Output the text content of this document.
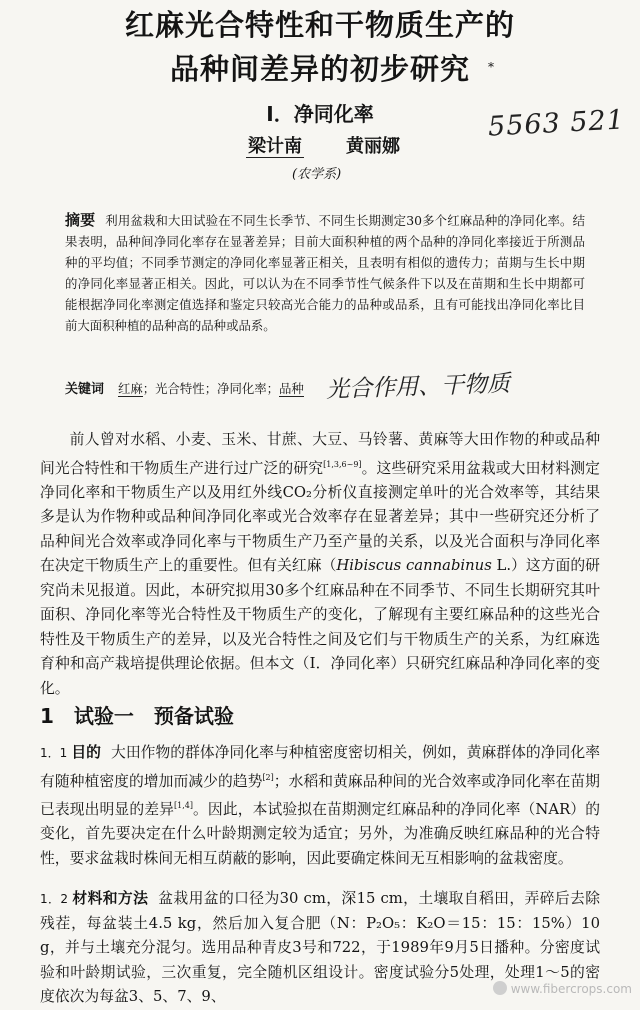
红麻光合特性和干物质生产的
品种间差异的初步研究	*
I．净同化率
梁计南 黄丽娜
(农学系)
5563 521
摘要 利用盆栽和大田试验在不同生长季节、不同生长期测定30多个红麻品种的净同化率。结果表明，品种间净同化率存在显著差异；目前大面积种植的两个品种的净同化率接近于所测品种的平均值；不同季节测定的净同化率显著正相关，且表明有相似的遗传力；苗期与生长中期的净同化率显著正相关。因此，可以认为在不同季节性气候条件下以及在苗期和生长中期都可能根据净同化率测定值选择和鉴定只较高光合能力的品种或品系，且有可能找出净同化率比目前大面积种植的品种高的品种或品系。
关键词 红麻；光合特性；净同化率；品种 光合作用、干物质
前人曾对水稻、小麦、玉米、甘蔗、大豆、马铃薯、黄麻等大田作物的种或品种间光合特性和干物质生产进行过广泛的研究[1,3,6~9]。这些研究采用盆栽或大田材料测定净同化率和干物质生产以及用红外线CO₂分析仪直接测定单叶的光合效率等，其结果多是认为作物种或品种间净同化率或光合效率存在显著差异；其中一些研究还分析了品种间光合效率或净同化率与干物质生产乃至产量的关系，以及光合面积与净同化率在决定干物质生产上的重要性。但有关红麻（Hibiscus cannabinus L.）这方面的研究尚未见报道。因此，本研究拟用30多个红麻品种在不同季节、不同生长期研究其叶面积、净同化率等光合特性及干物质生产的变化，了解现有主要红麻品种的这些光合特性及干物质生产的差异，以及光合特性之间及它们与干物质生产的关系，为红麻选育种和高产栽培提供理论依据。但本文（I．净同化率）只研究红麻品种净同化率的变化。
1 试验一　预备试验
1．1 目的 大田作物的群体净同化率与种植密度密切相关，例如，黄麻群体的净同化率有随种植密度的增加而减少的趋势[2]；水稻和黄麻品种间的光合效率或净同化率在苗期已表现出明显的差异[1,4]。因此，本试验拟在苗期测定红麻品种的净同化率（NAR）的变化，首先要决定在什么叶龄期测定较为适宜；另外，为准确反映红麻品种的光合特性，要求盆栽时株间无相互荫蔽的影响，因此要确定株间无互相影响的盆栽密度。
1．2 材料和方法 盆栽用盆的口径为30 cm，深15 cm，土壤取自稻田，弄碎后去除残茬，每盆装土4.5 kg，然后加入复合肥（N：P₂O₅：K₂O＝15：15：15%）10 g，并与土壤充分混匀。选用品种青皮3号和722，于1989年9月5日播种。分密度试验和叶龄期试验，三次重复，完全随机区组设计。密度试验分5处理，处理1～5的密度依次为每盆3、5、7、9、	www.fibercrops.com
